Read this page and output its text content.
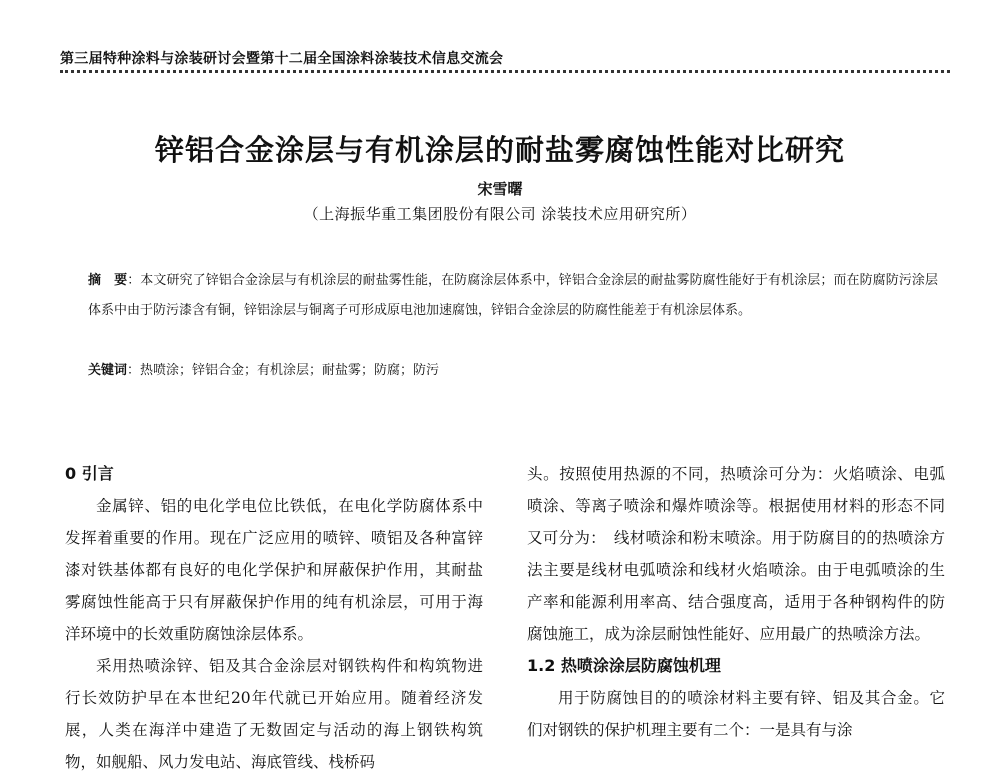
第三届特种涂料与涂装研讨会暨第十二届全国涂料涂装技术信息交流会
锌铝合金涂层与有机涂层的耐盐雾腐蚀性能对比研究
宋雪曙
（上海振华重工集团股份有限公司 涂装技术应用研究所）
摘　要：本文研究了锌铝合金涂层与有机涂层的耐盐雾性能，在防腐涂层体系中，锌铝合金涂层的耐盐雾防腐性能好于有机涂层；而在防腐防污涂层体系中由于防污漆含有铜，锌铝涂层与铜离子可形成原电池加速腐蚀，锌铝合金涂层的防腐性能差于有机涂层体系。
关键词：热喷涂；锌铝合金；有机涂层；耐盐雾；防腐；防污
0 引言

金属锌、铝的电化学电位比铁低，在电化学防腐体系中发挥着重要的作用。现在广泛应用的喷锌、喷铝及各种富锌漆对铁基体都有良好的电化学保护和屏蔽保护作用，其耐盐雾腐蚀性能高于只有屏蔽保护作用的纯有机涂层，可用于海洋环境中的长效重防腐蚀涂层体系。

采用热喷涂锌、铝及其合金涂层对钢铁构件和构筑物进行长效防护早在本世纪20年代就已开始应用。随着经济发展，人类在海洋中建造了无数固定与活动的海上钢铁构筑物，如舰船、风力发电站、海底管线、栈桥码

头。按照使用热源的不同，热喷涂可分为：火焰喷涂、电弧喷涂、等离子喷涂和爆炸喷涂等。根据使用材料的形态不同又可分为：　线材喷涂和粉末喷涂。用于防腐目的的热喷涂方法主要是线材电弧喷涂和线材火焰喷涂。由于电弧喷涂的生产率和能源利用率高、结合强度高，适用于各种钢构件的防腐蚀施工，成为涂层耐蚀性能好、应用最广的热喷涂方法。

1.2 热喷涂涂层防腐蚀机理

用于防腐蚀目的的喷涂材料主要有锌、铝及其合金。它们对钢铁的保护机理主要有二个：一是具有与涂
